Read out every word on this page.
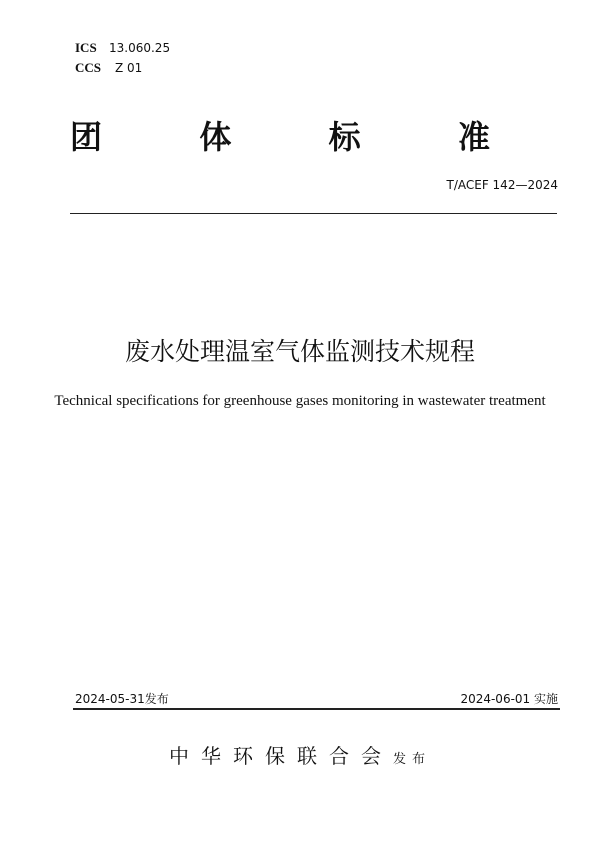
ICS 13.060.25
CCS Z 01
团	体	标	准
T/ACEF 142—2024
废水处理温室气体监测技术规程
Technical specifications for greenhouse gases monitoring in wastewater treatment
2024-05-31发布	2024-06-01 实施
中华环保联合会发布
